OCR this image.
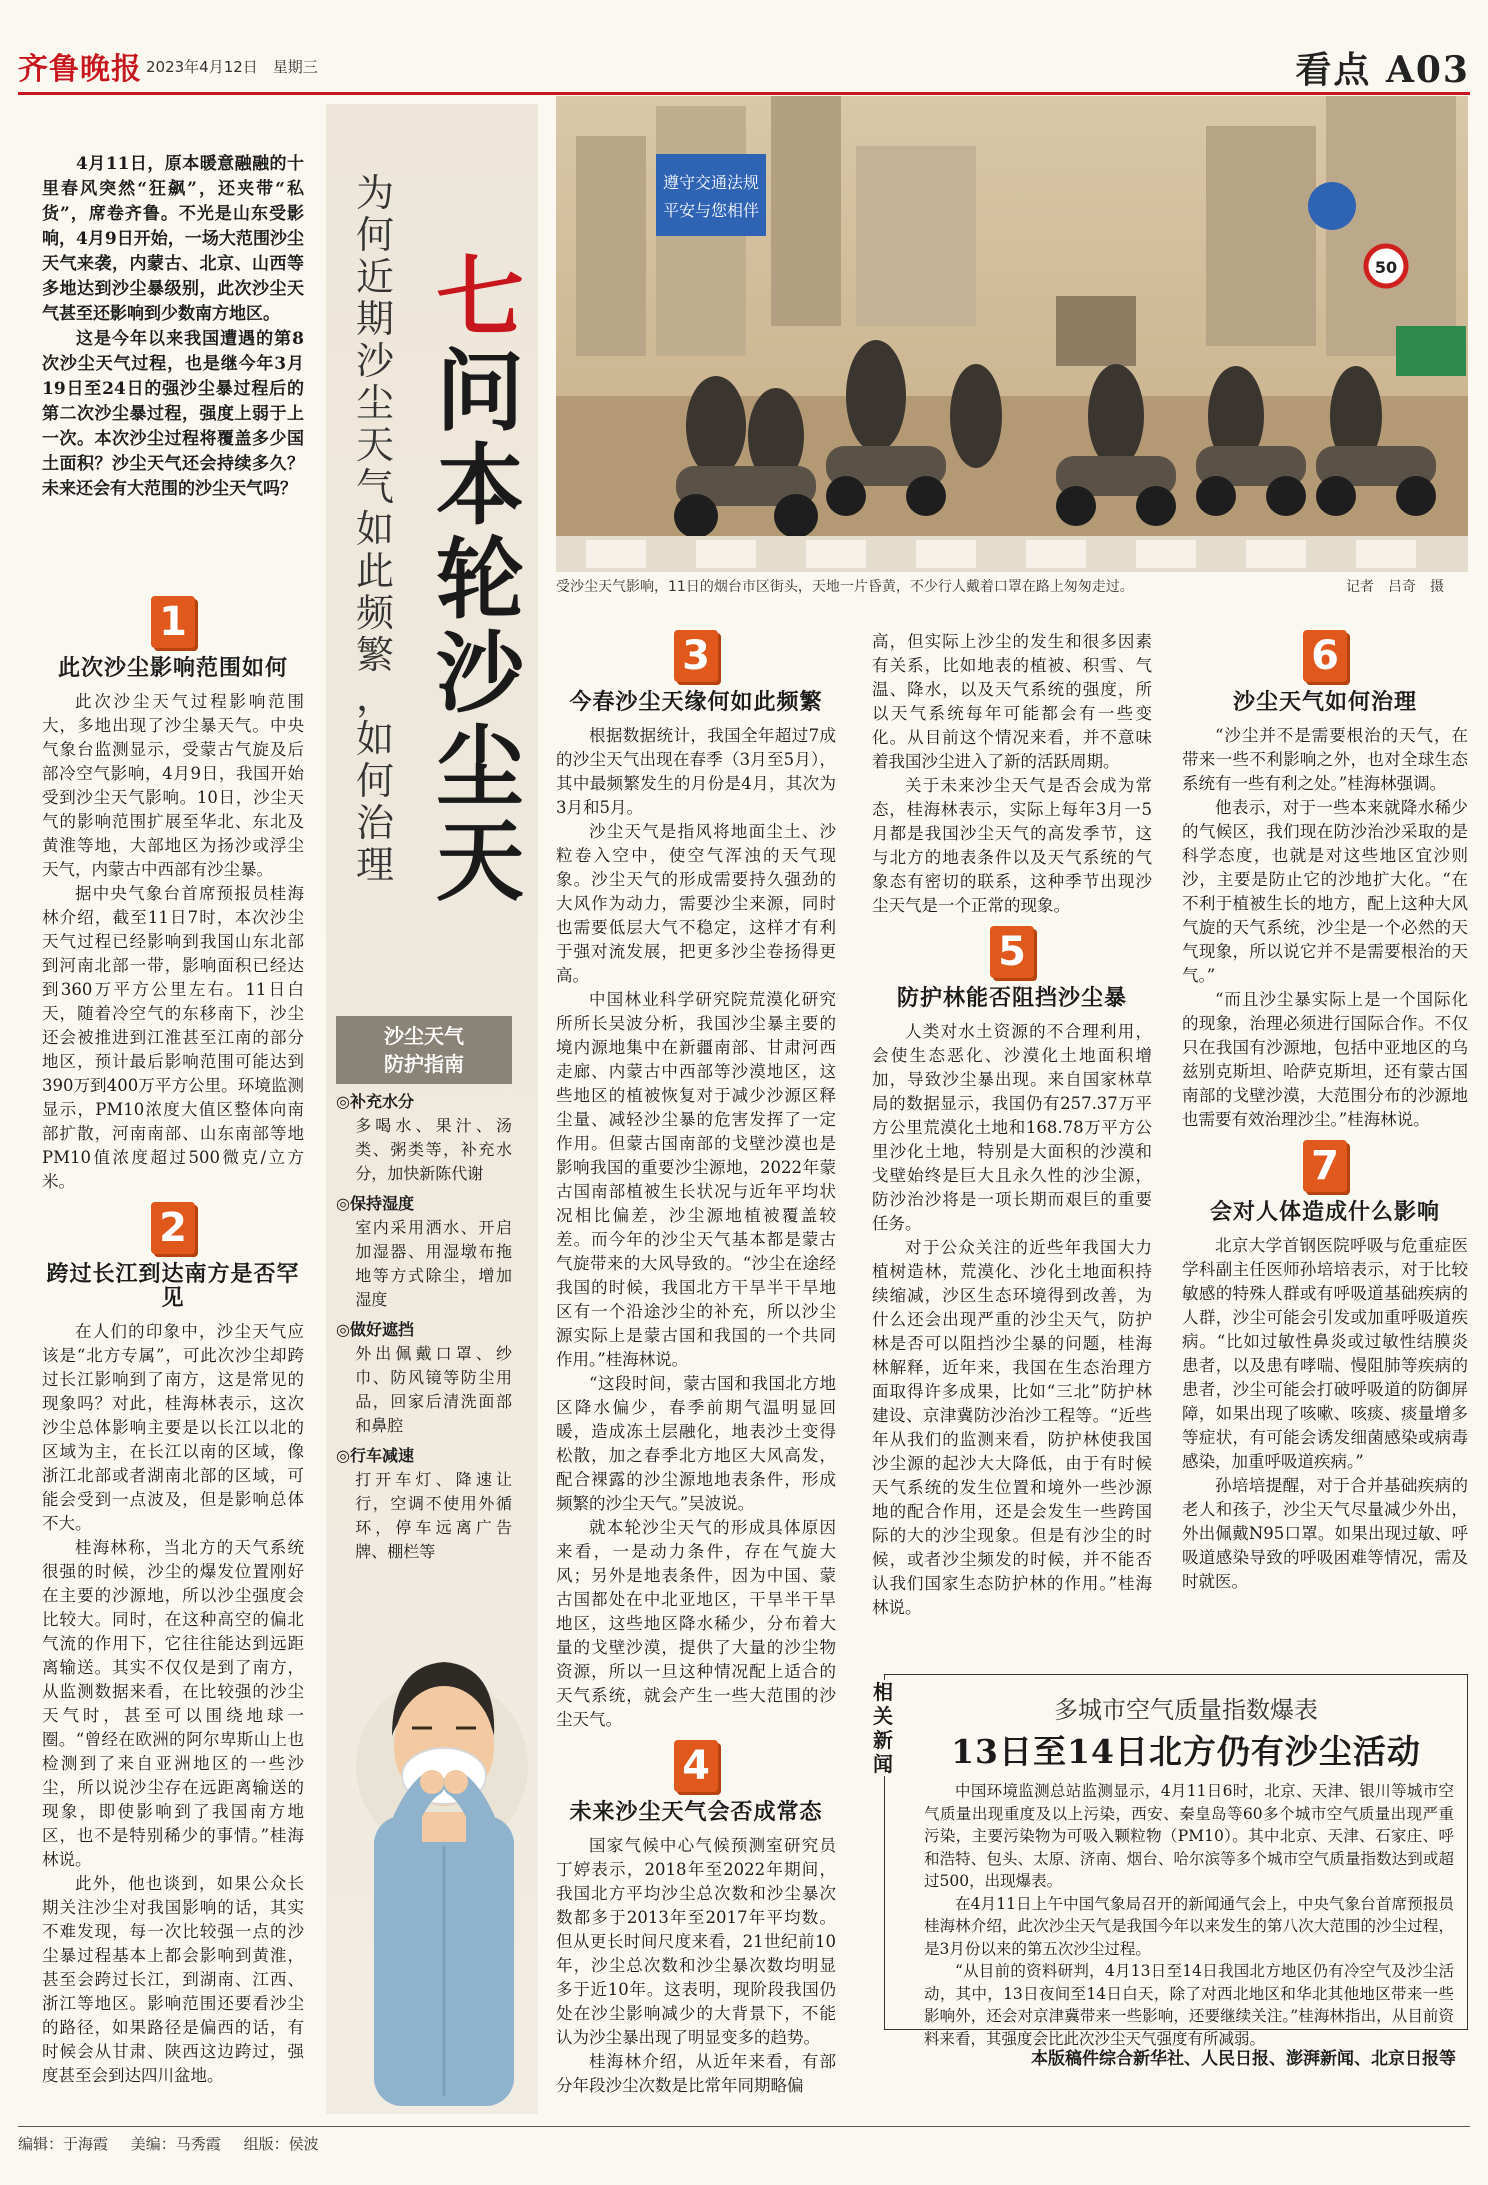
齐鲁晚报 2023年4月12日　星期三	看点 A03

4月11日，原本暖意融融的十里春风突然“狂飙”，还夹带“私货”，席卷齐鲁。不光是山东受影响，4月9日开始，一场大范围沙尘天气来袭，内蒙古、北京、山西等多地达到沙尘暴级别，此次沙尘天气甚至还影响到少数南方地区。

这是今年以来我国遭遇的第8次沙尘天气过程，也是继今年3月19日至24日的强沙尘暴过程后的第二次沙尘暴过程，强度上弱于上一次。本次沙尘过程将覆盖多少国土面积？沙尘天气还会持续多久？未来还会有大范围的沙尘天气吗？

1
此次沙尘影响范围如何

此次沙尘天气过程影响范围大，多地出现了沙尘暴天气。中央气象台监测显示，受蒙古气旋及后部冷空气影响，4月9日，我国开始受到沙尘天气影响。10日，沙尘天气的影响范围扩展至华北、东北及黄淮等地，大部地区为扬沙或浮尘天气，内蒙古中西部有沙尘暴。

据中央气象台首席预报员桂海林介绍，截至11日7时，本次沙尘天气过程已经影响到我国山东北部到河南北部一带，影响面积已经达到360万平方公里左右。11日白天，随着冷空气的东移南下，沙尘还会被推进到江淮甚至江南的部分地区，预计最后影响范围可能达到390万到400万平方公里。环境监测显示，PM10浓度大值区整体向南部扩散，河南南部、山东南部等地PM10值浓度超过500微克/立方米。

2
跨过长江到达南方是否罕见

在人们的印象中，沙尘天气应该是“北方专属”，可此次沙尘却跨过长江影响到了南方，这是常见的现象吗？对此，桂海林表示，这次沙尘总体影响主要是以长江以北的区域为主，在长江以南的区域，像浙江北部或者湖南北部的区域，可能会受到一点波及，但是影响总体不大。

桂海林称，当北方的天气系统很强的时候，沙尘的爆发位置刚好在主要的沙源地，所以沙尘强度会比较大。同时，在这种高空的偏北气流的作用下，它往往能达到远距离输送。其实不仅仅是到了南方，从监测数据来看，在比较强的沙尘天气时，甚至可以围绕地球一圈。“曾经在欧洲的阿尔卑斯山上也检测到了来自亚洲地区的一些沙尘，所以说沙尘存在远距离输送的现象，即使影响到了我国南方地区，也不是特别稀少的事情。”桂海林说。

此外，他也谈到，如果公众长期关注沙尘对我国影响的话，其实不难发现，每一次比较强一点的沙尘暴过程基本上都会影响到黄淮，甚至会跨过长江，到湖南、江西、浙江等地区。影响范围还要看沙尘的路径，如果路径是偏西的话，有时候会从甘肃、陕西这边跨过，强度甚至会到达四川盆地。

为
何
近
期
沙
尘
天
气
如
此
频
繁
，
如
何
治
理
七
问
本
轮
沙
尘
天
沙尘天气
防护指南
◎补充水分
多喝水、果汁、汤类、粥类等，补充水分，加快新陈代谢
◎保持湿度
室内采用洒水、开启加湿器、用湿墩布拖地等方式除尘，增加湿度
◎做好遮挡
外出佩戴口罩、纱巾、防风镜等防尘用品，回家后清洗面部和鼻腔
◎行车减速
打开车灯、降速让行，空调不使用外循环，停车远离广告牌、棚栏等
遵守交通法规
平安与您相伴
50
受沙尘天气影响，11日的烟台市区街头，天地一片昏黄，不少行人戴着口罩在路上匆匆走过。	记者　吕奇　摄
3
今春沙尘天缘何如此频繁

根据数据统计，我国全年超过7成的沙尘天气出现在春季（3月至5月），其中最频繁发生的月份是4月，其次为3月和5月。

沙尘天气是指风将地面尘土、沙粒卷入空中，使空气浑浊的天气现象。沙尘天气的形成需要持久强劲的大风作为动力，需要沙尘来源，同时也需要低层大气不稳定，这样才有利于强对流发展，把更多沙尘卷扬得更高。

中国林业科学研究院荒漠化研究所所长吴波分析，我国沙尘暴主要的境内源地集中在新疆南部、甘肃河西走廊、内蒙古中西部等沙漠地区，这些地区的植被恢复对于减少沙源区释尘量、减轻沙尘暴的危害发挥了一定作用。但蒙古国南部的戈壁沙漠也是影响我国的重要沙尘源地，2022年蒙古国南部植被生长状况与近年平均状况相比偏差，沙尘源地植被覆盖较差。而今年的沙尘天气基本都是蒙古气旋带来的大风导致的。“沙尘在途经我国的时候，我国北方干旱半干旱地区有一个沿途沙尘的补充，所以沙尘源实际上是蒙古国和我国的一个共同作用。”桂海林说。

“这段时间，蒙古国和我国北方地区降水偏少，春季前期气温明显回暖，造成冻土层融化，地表沙土变得松散，加之春季北方地区大风高发，配合裸露的沙尘源地地表条件，形成频繁的沙尘天气。”吴波说。

就本轮沙尘天气的形成具体原因来看，一是动力条件，存在气旋大风；另外是地表条件，因为中国、蒙古国都处在中北亚地区，干旱半干旱地区，这些地区降水稀少，分布着大量的戈壁沙漠，提供了大量的沙尘物资源，所以一旦这种情况配上适合的天气系统，就会产生一些大范围的沙尘天气。

4
未来沙尘天气会否成常态

国家气候中心气候预测室研究员丁婷表示，2018年至2022年期间，我国北方平均沙尘总次数和沙尘暴次数都多于2013年至2017年平均数。但从更长时间尺度来看，21世纪前10年，沙尘总次数和沙尘暴次数均明显多于近10年。这表明，现阶段我国仍处在沙尘影响减少的大背景下，不能认为沙尘暴出现了明显变多的趋势。

桂海林介绍，从近年来看，有部分年段沙尘次数是比常年同期略偏

高，但实际上沙尘的发生和很多因素有关系，比如地表的植被、积雪、气温、降水，以及天气系统的强度，所以天气系统每年可能都会有一些变化。从目前这个情况来看，并不意味着我国沙尘进入了新的活跃周期。

关于未来沙尘天气是否会成为常态，桂海林表示，实际上每年3月一5月都是我国沙尘天气的高发季节，这与北方的地表条件以及天气系统的气象态有密切的联系，这种季节出现沙尘天气是一个正常的现象。

5
防护林能否阻挡沙尘暴

人类对水土资源的不合理利用，会使生态恶化、沙漠化土地面积增加，导致沙尘暴出现。来自国家林草局的数据显示，我国仍有257.37万平方公里荒漠化土地和168.78万平方公里沙化土地，特别是大面积的沙漠和戈壁始终是巨大且永久性的沙尘源，防沙治沙将是一项长期而艰巨的重要任务。

对于公众关注的近些年我国大力植树造林，荒漠化、沙化土地面积持续缩减，沙区生态环境得到改善，为什么还会出现严重的沙尘天气，防护林是否可以阻挡沙尘暴的问题，桂海林解释，近年来，我国在生态治理方面取得许多成果，比如“三北”防护林建设、京津冀防沙治沙工程等。“近些年从我们的监测来看，防护林使我国沙尘源的起沙大大降低，由于有时候天气系统的发生位置和境外一些沙源地的配合作用，还是会发生一些跨国际的大的沙尘现象。但是有沙尘的时候，或者沙尘频发的时候，并不能否认我们国家生态防护林的作用。”桂海林说。

6
沙尘天气如何治理

“沙尘并不是需要根治的天气，在带来一些不利影响之外，也对全球生态系统有一些有利之处。”桂海林强调。

他表示，对于一些本来就降水稀少的气候区，我们现在防沙治沙采取的是科学态度，也就是对这些地区宜沙则沙，主要是防止它的沙地扩大化。“在不利于植被生长的地方，配上这种大风气旋的天气系统，沙尘是一个必然的天气现象，所以说它并不是需要根治的天气。”

“而且沙尘暴实际上是一个国际化的现象，治理必须进行国际合作。不仅只在我国有沙源地，包括中亚地区的乌兹别克斯坦、哈萨克斯坦，还有蒙古国南部的戈壁沙漠，大范围分布的沙源地也需要有效治理沙尘。”桂海林说。

7
会对人体造成什么影响

北京大学首钢医院呼吸与危重症医学科副主任医师孙培培表示，对于比较敏感的特殊人群或有呼吸道基础疾病的人群，沙尘可能会引发或加重呼吸道疾病。“比如过敏性鼻炎或过敏性结膜炎患者，以及患有哮喘、慢阻肺等疾病的患者，沙尘可能会打破呼吸道的防御屏障，如果出现了咳嗽、咳痰、痰量增多等症状，有可能会诱发细菌感染或病毒感染，加重呼吸道疾病。”

孙培培提醒，对于合并基础疾病的老人和孩子，沙尘天气尽量减少外出，外出佩戴N95口罩。如果出现过敏、呼吸道感染导致的呼吸困难等情况，需及时就医。

相
关
新
闻
多城市空气质量指数爆表
13日至14日北方仍有沙尘活动

中国环境监测总站监测显示，4月11日6时，北京、天津、银川等城市空气质量出现重度及以上污染，西安、秦皇岛等60多个城市空气质量出现严重污染，主要污染物为可吸入颗粒物（PM10）。其中北京、天津、石家庄、呼和浩特、包头、太原、济南、烟台、哈尔滨等多个城市空气质量指数达到或超过500，出现爆表。

在4月11日上午中国气象局召开的新闻通气会上，中央气象台首席预报员桂海林介绍，此次沙尘天气是我国今年以来发生的第八次大范围的沙尘过程，是3月份以来的第五次沙尘过程。

“从目前的资料研判，4月13日至14日我国北方地区仍有冷空气及沙尘活动，其中，13日夜间至14日白天，除了对西北地区和华北其他地区带来一些影响外，还会对京津冀带来一些影响，还要继续关注。”桂海林指出，从目前资料来看，其强度会比此次沙尘天气强度有所减弱。

本版稿件综合新华社、人民日报、澎湃新闻、北京日报等
编辑：于海霞 美编：马秀霞 组版：侯波
